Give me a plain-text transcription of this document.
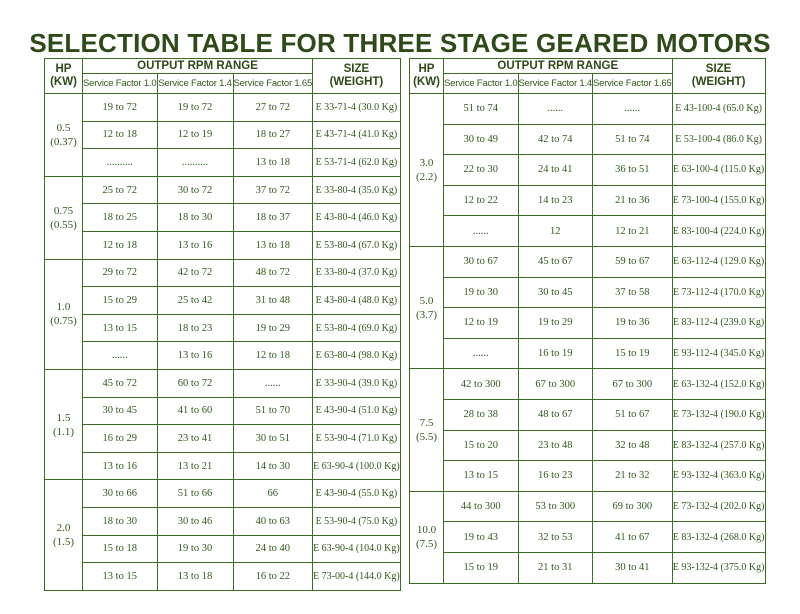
SELECTION TABLE FOR THREE STAGE GEARED MOTORS
HP
(KW)	OUTPUT RPM RANGE			SIZE
(WEIGHT)
	Service Factor 1.0	Service Factor 1.4	Service Factor 1.65	
0.5
(0.37)	19 to 72	19 to 72	27 to 72	E 33-71-4 (30.0 Kg)
	12 to 18	12 to 19	18 to 27	E 43-71-4 (41.0 Kg)
	..........	..........	13 to 18	E 53-71-4 (62.0 Kg)
0.75
(0.55)	25 to 72	30 to 72	37 to 72	E 33-80-4 (35.0 Kg)
	18 to 25	18 to 30	18 to 37	E 43-80-4 (46.0 Kg)
	12 to 18	13 to 16	13 to 18	E 53-80-4 (67.0 Kg)
1.0
(0.75)	29 to 72	42 to 72	48 to 72	E 33-80-4 (37.0 Kg)
	15 to 29	25 to 42	31 to 48	E 43-80-4 (48.0 Kg)
	13 to 15	18 to 23	19 to 29	E 53-80-4 (69.0 Kg)
	......	13 to 16	12 to 18	E 63-80-4 (98.0 Kg)
1.5
(1.1)	45 to 72	60 to 72	......	E 33-90-4 (39.0 Kg)
	30 to 45	41 to 60	51 to 70	E 43-90-4 (51.0 Kg)
	16 to 29	23 to 41	30 to 51	E 53-90-4 (71.0 Kg)
	13 to 16	13 to 21	14 to 30	E 63-90-4 (100.0 Kg)
2.0
(1.5)	30 to 66	51 to 66	66	E 43-90-4 (55.0 Kg)
	18 to 30	30 to 46	40 to 63	E 53-90-4 (75.0 Kg)
	15 to 18	19 to 30	24 to 40	E 63-90-4 (104.0 Kg)
	13 to 15	13 to 18	16 to 22	E 73-00-4 (144.0 Kg)
HP
(KW)	OUTPUT RPM RANGE			SIZE
(WEIGHT)
	Service Factor 1.0	Service Factor 1.4	Service Factor 1.65	
3.0
(2.2)	51 to 74	......	......	E 43-100-4 (65.0 Kg)
	30 to 49	42 to 74	51 to 74	E 53-100-4 (86.0 Kg)
	22 to 30	24 to 41	36 to 51	E 63-100-4 (115.0 Kg)
	12 to 22	14 to 23	21 to 36	E 73-100-4 (155.0 Kg)
	......	12	12 to 21	E 83-100-4 (224.0 Kg)
5.0
(3.7)	30 to 67	45 to 67	59 to 67	E 63-112-4 (129.0 Kg)
	19 to 30	30 to 45	37 to 58	E 73-112-4 (170.0 Kg)
	12 to 19	19 to 29	19 to 36	E 83-112-4 (239.0 Kg)
	......	16 to 19	15 to 19	E 93-112-4 (345.0 Kg)
7.5
(5.5)	42 to 300	67 to 300	67 to 300	E 63-132-4 (152.0 Kg)
	28 to 38	48 to 67	51 to 67	E 73-132-4 (190.0 Kg)
	15 to 20	23 to 48	32 to 48	E 83-132-4 (257.0 Kg)
	13 to 15	16 to 23	21 to 32	E 93-132-4 (363.0 Kg)
10.0
(7.5)	44 to 300	53 to 300	69 to 300	E 73-132-4 (202.0 Kg)
	19 to 43	32 to 53	41 to 67	E 83-132-4 (268.0 Kg)
	15 to 19	21 to 31	30 to 41	E 93-132-4 (375.0 Kg)
